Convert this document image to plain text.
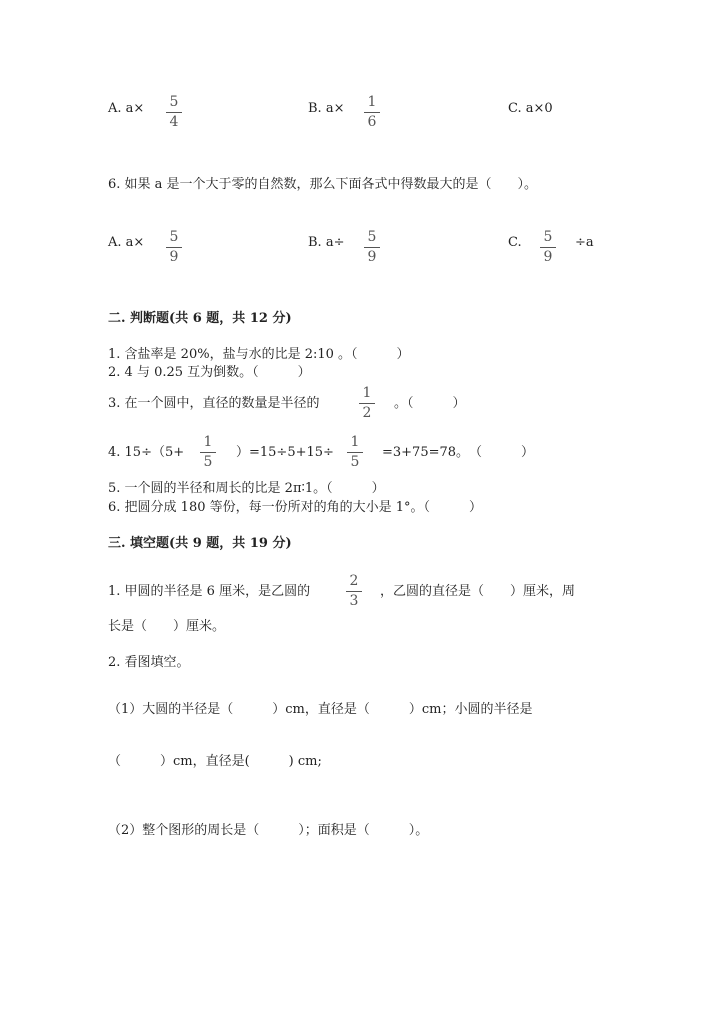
A. a× 5
4
B. a× 1
6
C. a×0
6. 如果 a 是一个大于零的自然数，那么下面各式中得数最大的是（　　）。
A. a× 5
9
B. a÷ 5
9
C. 5
9
÷a
二. 判断题(共 6 题，共 12 分)
1. 含盐率是 20%，盐与水的比是 2:10 。（　　　）
2. 4 与 0.25 互为倒数。（　　　）
3. 在一个圆中，直径的数量是半径的
1
2
。（　　　）
4. 15÷（5+
1
5
）=15÷5+15÷
1
5
=3+75=78。　（　　　）
5. 一个圆的半径和周长的比是 2π∶1。（　　　）
6. 把圆分成 180 等份，每一份所对的角的大小是 1°。（　　　）
三. 填空题(共 9 题，共 19 分)
1. 甲圆的半径是 6 厘米，是乙圆的
2
3
，乙圆的直径是（　　）厘米，周
长是（　　）厘米。
2. 看图填空。
（1）大圆的半径是（　　　）cm，直径是（　　　）cm；小圆的半径是
（　　　）cm，直径是(　　　) cm;
（2）整个图形的周长是（　　　）；面积是（　　　）。
